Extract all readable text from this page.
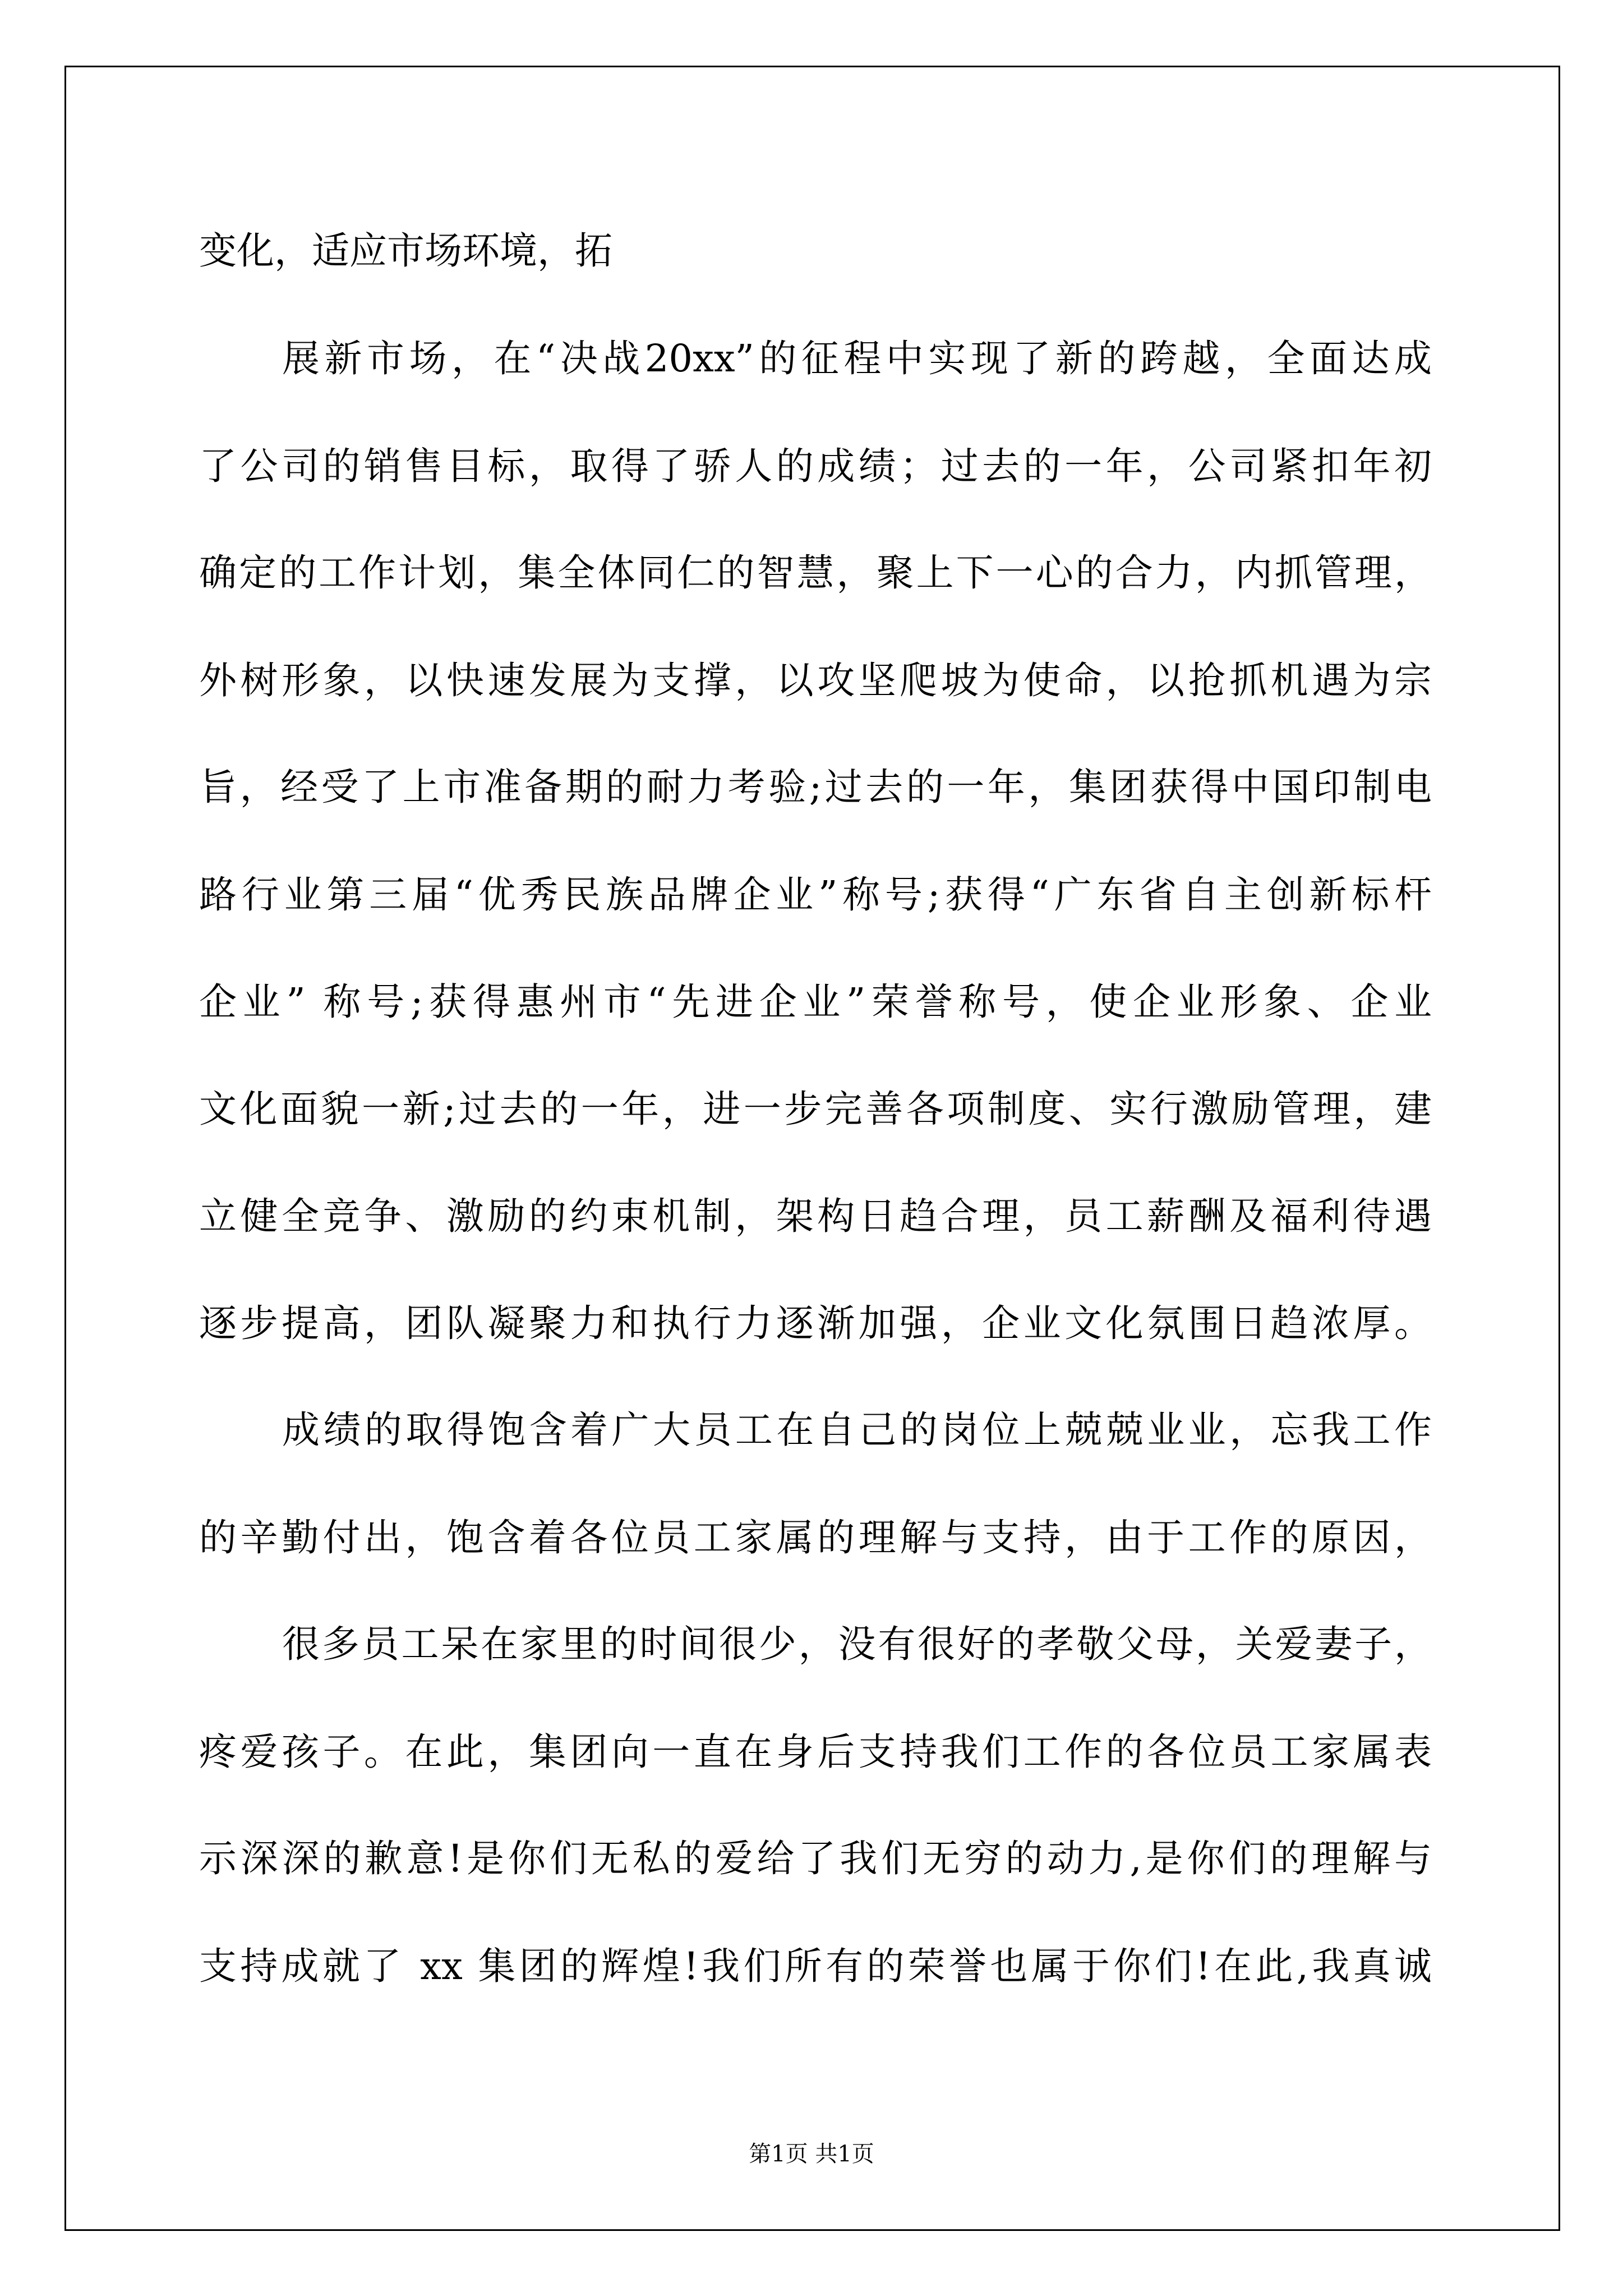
变化，适应市场环境，拓

展新市场，在“决战20xx”的征程中实现了新的跨越，全面达成

了公司的销售目标，取得了骄人的成绩；过去的一年，公司紧扣年初

确定的工作计划，集全体同仁的智慧，聚上下一心的合力，内抓管理，

外树形象，以快速发展为支撑，以攻坚爬坡为使命，以抢抓机遇为宗

旨，经受了上市准备期的耐力考验;过去的一年，集团获得中国印制电

路行业第三届“优秀民族品牌企业”称号;获得“广东省自主创新标杆

企业” 称号;获得惠州市“先进企业”荣誉称号，使企业形象、企业

文化面貌一新;过去的一年，进一步完善各项制度、实行激励管理，建

立健全竞争、激励的约束机制，架构日趋合理，员工薪酬及福利待遇

逐步提高，团队凝聚力和执行力逐渐加强，企业文化氛围日趋浓厚。

成绩的取得饱含着广大员工在自己的岗位上兢兢业业，忘我工作

的辛勤付出，饱含着各位员工家属的理解与支持，由于工作的原因，

很多员工呆在家里的时间很少，没有很好的孝敬父母，关爱妻子，

疼爱孩子。在此，集团向一直在身后支持我们工作的各位员工家属表

示深深的歉意!是你们无私的爱给了我们无穷的动力,是你们的理解与

支持成就了 xx 集团的辉煌!我们所有的荣誉也属于你们!在此,我真诚

第1页 共1页
